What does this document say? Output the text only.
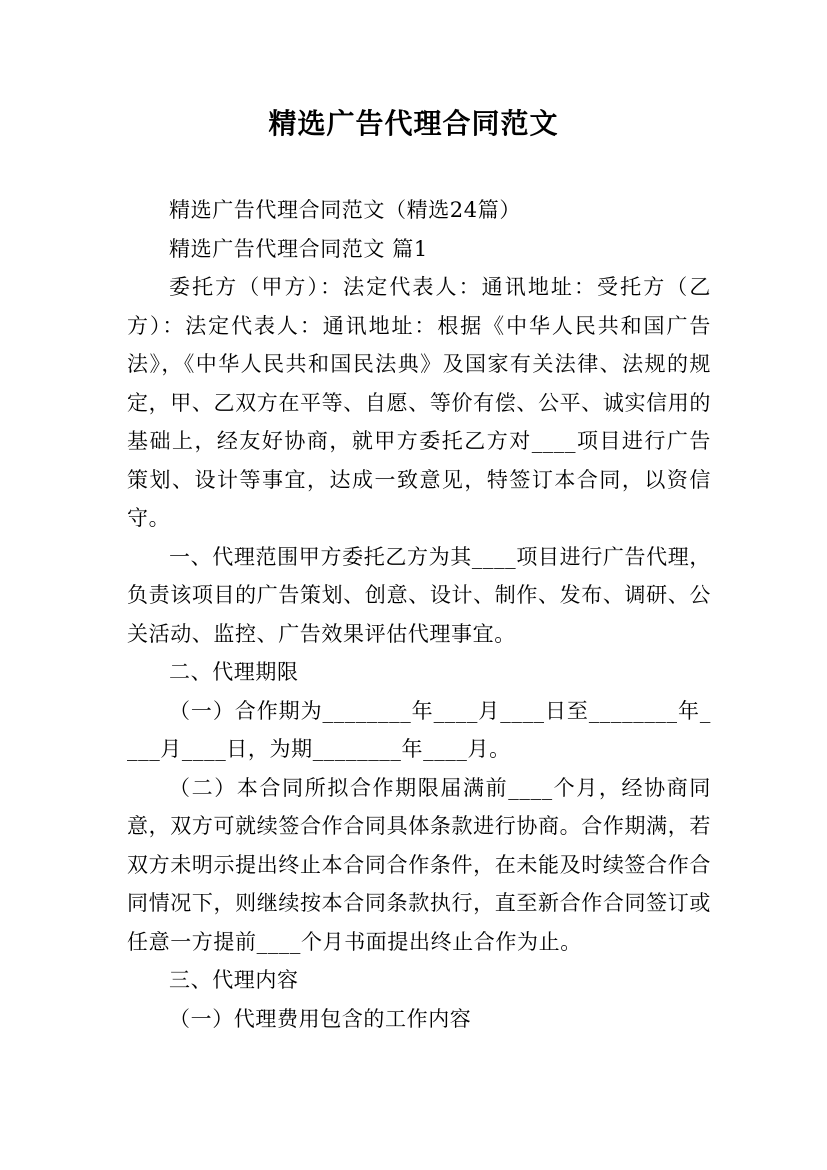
精选广告代理合同范文

精选广告代理合同范文（精选24篇）

精选广告代理合同范文 篇1

委托方（甲方）：法定代表人：通讯地址：受托方（乙方）：法定代表人：通讯地址：根据《中华人民共和国广告法》，《中华人民共和国民法典》及国家有关法律、法规的规定，甲、乙双方在平等、自愿、等价有偿、公平、诚实信用的基础上，经友好协商，就甲方委托乙方对____项目进行广告策划、设计等事宜，达成一致意见，特签订本合同，以资信守。

一、代理范围甲方委托乙方为其____项目进行广告代理，负责该项目的广告策划、创意、设计、制作、发布、调研、公关活动、监控、广告效果评估代理事宜。

二、代理期限

（一）合作期为________年____月____日至________年____月____日，为期________年____月。

（二）本合同所拟合作期限届满前____个月，经协商同意，双方可就续签合作合同具体条款进行协商。合作期满，若双方未明示提出终止本合同合作条件，在未能及时续签合作合同情况下，则继续按本合同条款执行，直至新合作合同签订或任意一方提前____个月书面提出终止合作为止。

三、代理内容

（一）代理费用包含的工作内容
